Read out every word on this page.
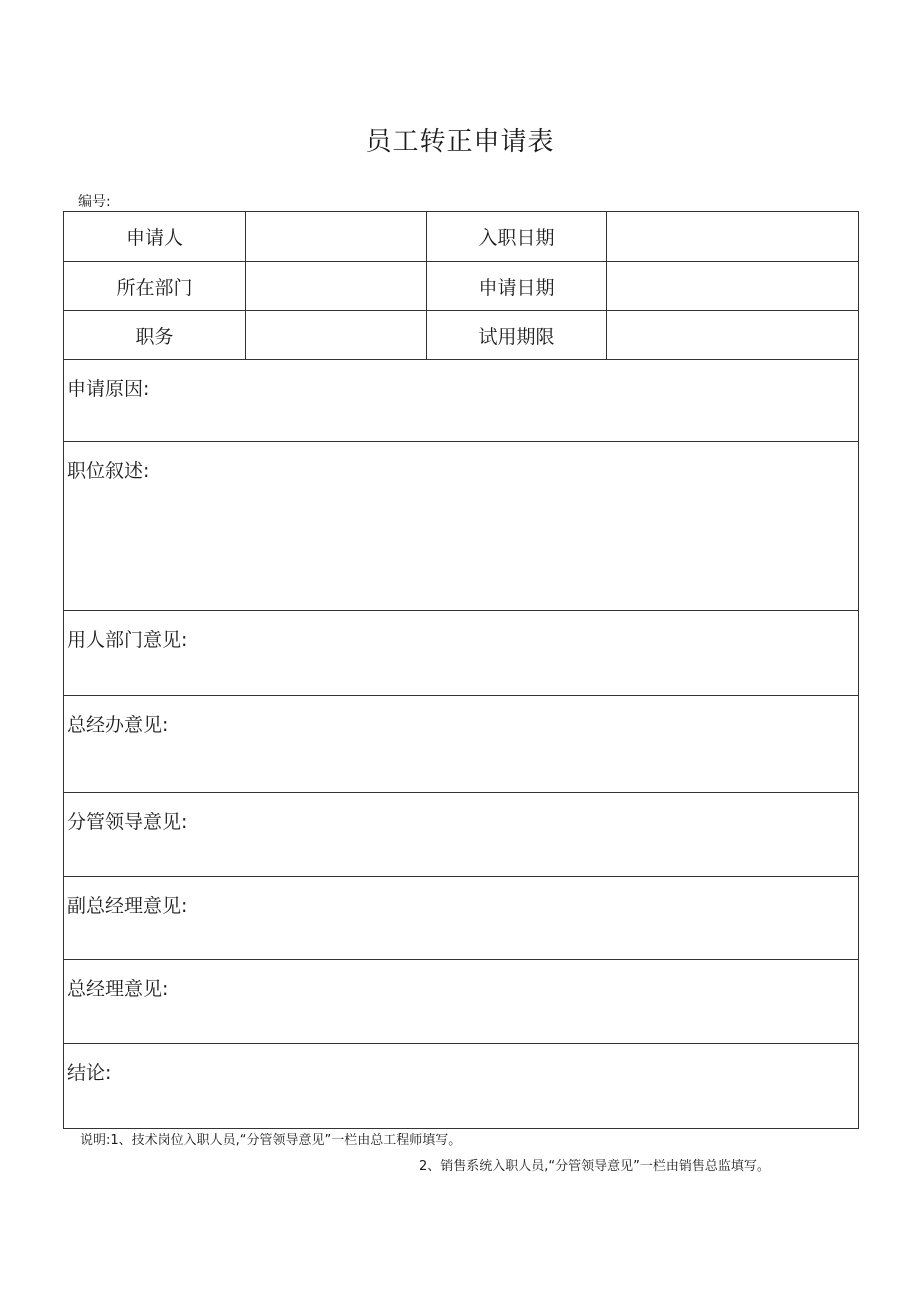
员工转正申请表
编号:
申请人		入职日期	
所在部门		申请日期	
职务		试用期限	
申请原因:			
职位叙述:			
用人部门意见:			
总经办意见:			
分管领导意见:			
副总经理意见:			
总经理意见:			
结论:			
说明:1、技术岗位入职人员,“分管领导意见”一栏由总工程师填写。
2、销售系统入职人员,“分管领导意见”一栏由销售总监填写。
